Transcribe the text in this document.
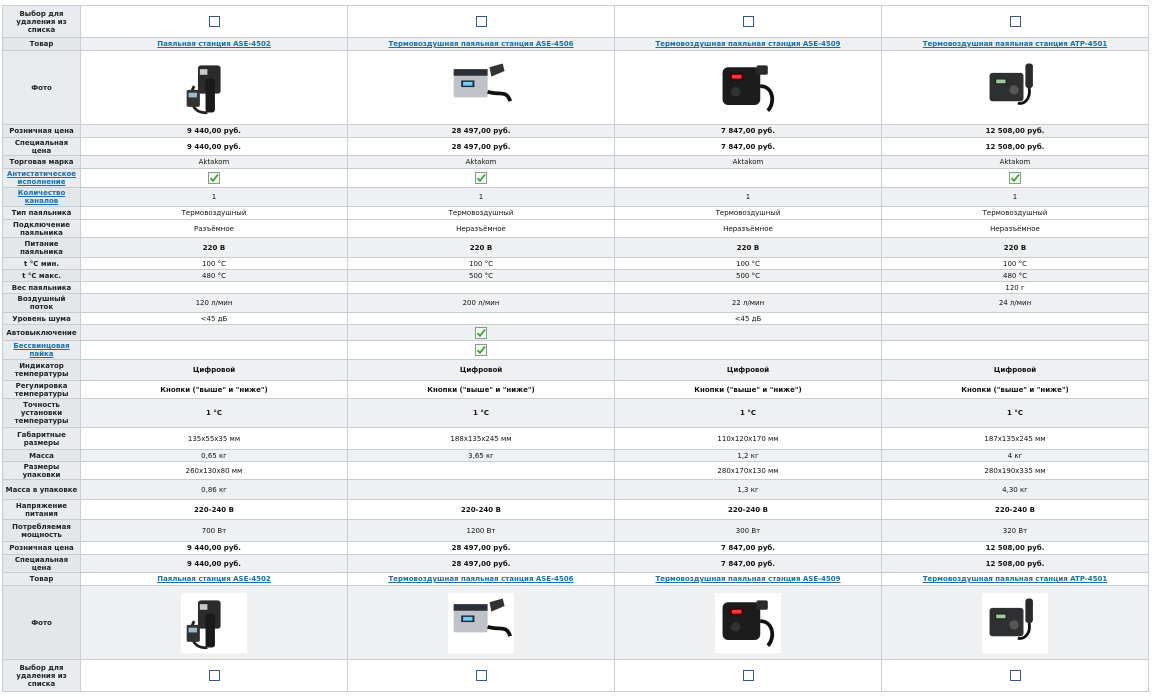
Выбор для удаления из списка				
Товар	Паяльная станция ASE-4502	Термовоздушная паяльная станция ASE-4506	Термовоздушная паяльная станция ASE-4509	Термовоздушная паяльная станция ATP-4501
Фото	

Розничная цена	9 440,00 руб.	28 497,00 руб.	7 847,00 руб.	12 508,00 руб.
Специальная цена	9 440,00 руб.	28 497,00 руб.	7 847,00 руб.	12 508,00 руб.
Торговая марка	Aktakom	Aktakom	Aktakom	Aktakom
Антистатическое исполнение				
Количество каналов	1	1	1	1
Тип паяльника	Термовоздушный	Термовоздушный	Термовоздушный	Термовоздушный
Подключение паяльника	Разъёмное	Неразъёмное	Неразъёмное	Неразъёмное
Питание паяльника	220 В	220 В	220 В	220 В
t °C мин.	100 °C	100 °C	100 °C	100 °C
t °C макс.	480 °C	500 °C	500 °C	480 °C
Вес паяльника				120 г
Воздушный поток	120 л/мин	200 л/мин	22 л/мин	24 л/мин
Уровень шума	<45 дБ		<45 дБ	
Автовыключение				
Бессвинцовая пайка				
Индикатор температуры	Цифровой	Цифровой	Цифровой	Цифровой
Регулировка температуры	Кнопки ("выше" и "ниже")	Кнопки ("выше" и "ниже")	Кнопки ("выше" и "ниже")	Кнопки ("выше" и "ниже")
Точность установки температуры	1 °C	1 °C	1 °C	1 °C
Габаритные размеры	135x55x35 мм	188x135x245 мм	110x120x170 мм	187x135x245 мм
Масса	0,65 кг	3,65 кг	1,2 кг	4 кг
Размеры упаковки	260x130x80 мм		280x170x130 мм	280x190x335 мм
Масса в упаковке	0,86 кг		1,3 кг	4,30 кг
Напряжение питания	220-240 В	220-240 В	220-240 В	220-240 В
Потребляемая мощность	700 Вт	1200 Вт	300 Вт	320 Вт
Розничная цена	9 440,00 руб.	28 497,00 руб.	7 847,00 руб.	12 508,00 руб.
Специальная цена	9 440,00 руб.	28 497,00 руб.	7 847,00 руб.	12 508,00 руб.
Товар	Паяльная станция ASE-4502	Термовоздушная паяльная станция ASE-4506	Термовоздушная паяльная станция ASE-4509	Термовоздушная паяльная станция ATP-4501
Фото	

Выбор для удаления из списка				
